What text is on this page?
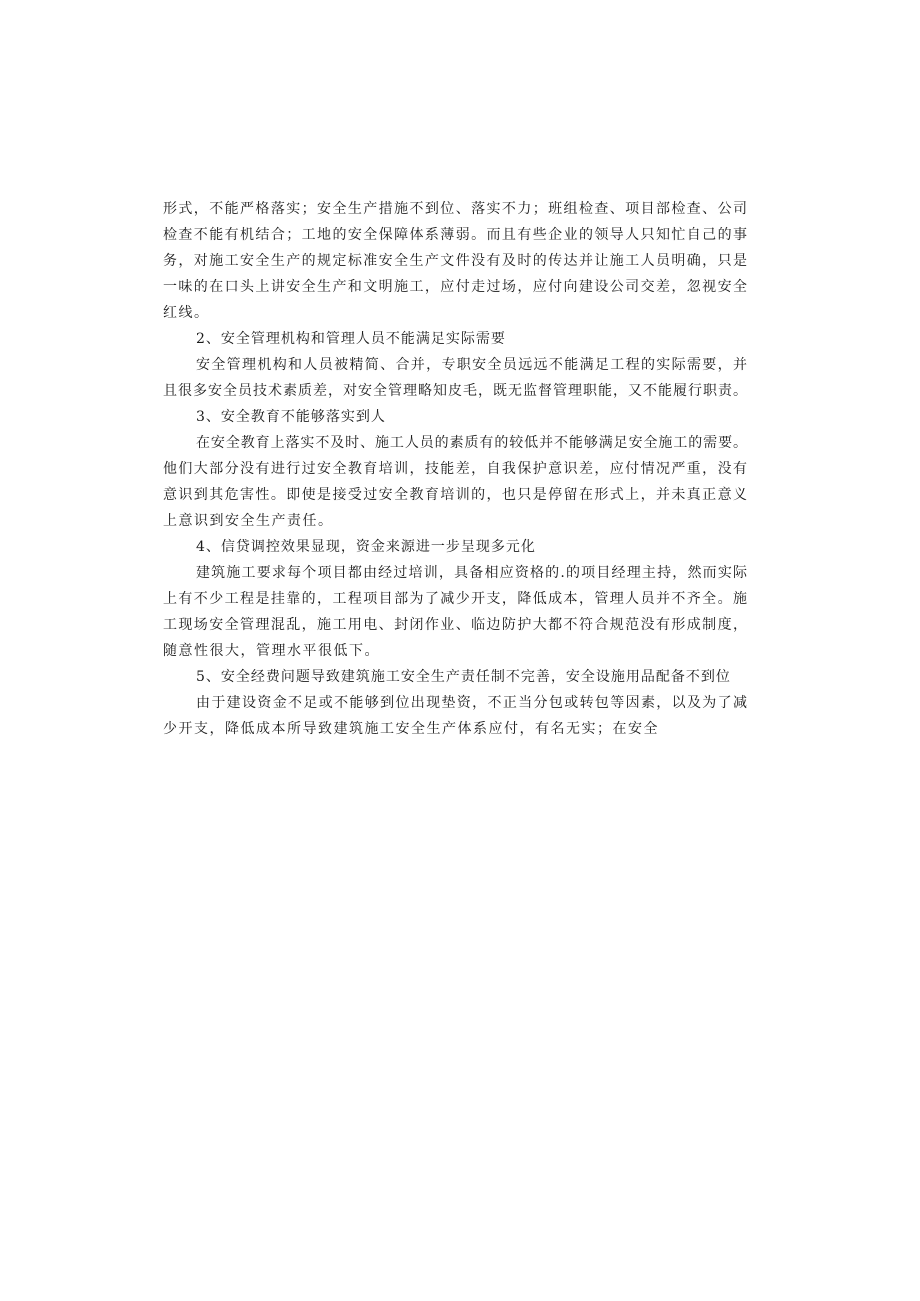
形式，不能严格落实；安全生产措施不到位、落实不力；班组检查、项目部检查、公司
检查不能有机结合；工地的安全保障体系薄弱。而且有些企业的领导人只知忙自己的事
务，对施工安全生产的规定标准安全生产文件没有及时的传达并让施工人员明确，只是
一味的在口头上讲安全生产和文明施工，应付走过场，应付向建设公司交差，忽视安全
红线。
2、安全管理机构和管理人员不能满足实际需要
安全管理机构和人员被精简、合并，专职安全员远远不能满足工程的实际需要，并
且很多安全员技术素质差，对安全管理略知皮毛，既无监督管理职能，又不能履行职责。
3、安全教育不能够落实到人
在安全教育上落实不及时、施工人员的素质有的较低并不能够满足安全施工的需要。
他们大部分没有进行过安全教育培训，技能差，自我保护意识差，应付情况严重，没有
意识到其危害性。即使是接受过安全教育培训的，也只是停留在形式上，并未真正意义
上意识到安全生产责任。
4、信贷调控效果显现，资金来源进一步呈现多元化
建筑施工要求每个项目都由经过培训，具备相应资格的.的项目经理主持，然而实际
上有不少工程是挂靠的，工程项目部为了减少开支，降低成本，管理人员并不齐全。施
工现场安全管理混乱，施工用电、封闭作业、临边防护大都不符合规范没有形成制度，
随意性很大，管理水平很低下。
5、安全经费问题导致建筑施工安全生产责任制不完善，安全设施用品配备不到位
由于建设资金不足或不能够到位出现垫资，不正当分包或转包等因素，以及为了减
少开支，降低成本所导致建筑施工安全生产体系应付，有名无实；在安全
